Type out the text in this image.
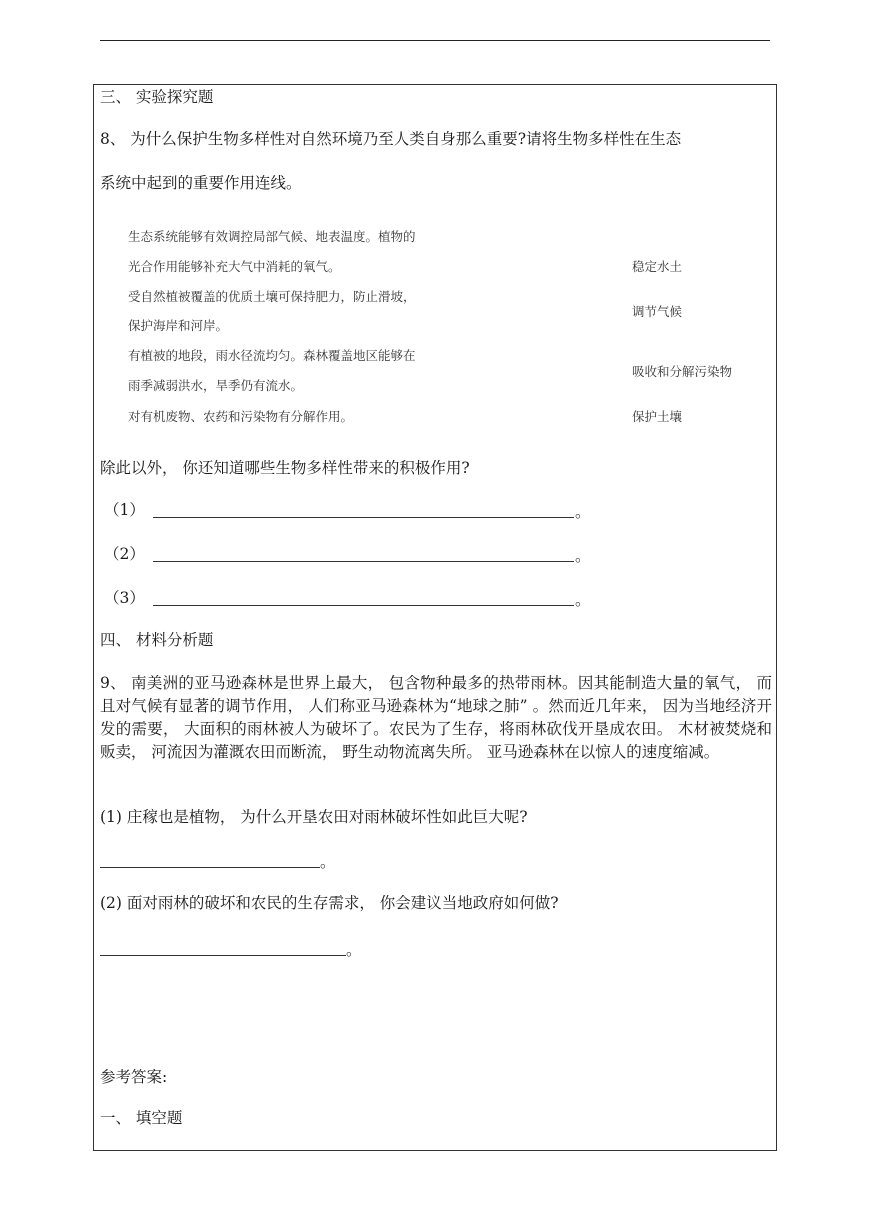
三、 实验探究题
8、 为什么保护生物多样性对自然环境乃至人类自身那么重要?请将生物多样性在生态
系统中起到的重要作用连线。
生态系统能够有效调控局部气候、地表温度。植物的
光合作用能够补充大气中消耗的氧气。
受自然植被覆盖的优质土壤可保持肥力，防止滑坡，
保护海岸和河岸。
有植被的地段，雨水径流均匀。森林覆盖地区能够在
雨季减弱洪水，旱季仍有流水。
对有机废物、农药和污染物有分解作用。
稳定水土
调节气候
吸收和分解污染物
保护土壤
除此以外， 你还知道哪些生物多样性带来的积极作用?
（1）	。
（2）	。
（3）	。
四、 材料分析题
9、 南美洲的亚马逊森林是世界上最大， 包含物种最多的热带雨林。因其能制造大量的氧气， 而且对气候有显著的调节作用， 人们称亚马逊森林为“地球之肺” 。然而近几年来， 因为当地经济开发的需要， 大面积的雨林被人为破坏了。农民为了生存，将雨林砍伐开垦成农田。 木材被焚烧和贩卖， 河流因为灌溉农田而断流， 野生动物流离失所。 亚马逊森林在以惊人的速度缩减。
(1) 庄稼也是植物， 为什么开垦农田对雨林破坏性如此巨大呢?
。
(2) 面对雨林的破坏和农民的生存需求， 你会建议当地政府如何做?
。
参考答案:
一、 填空题
